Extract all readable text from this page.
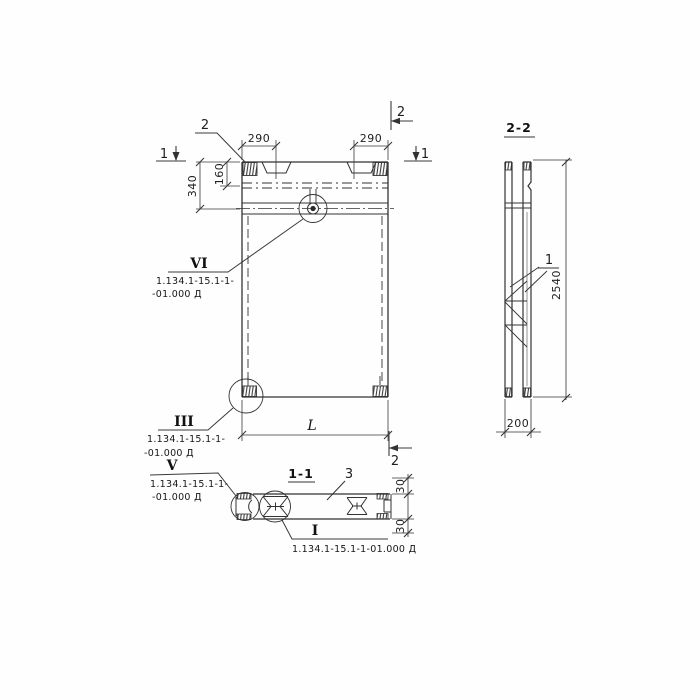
290	290
340
160
L
1	1
2
2
2
VI
1.134.1-15.1-1-
-01.000 Д
III
1.134.1-15.1-1-
-01.000 Д
V
1.134.1-15.1-1-
-01.000 Д
1-1 3
30
30
I
1.134.1-15.1-1-01.000 Д
2-2
1
2540
200
